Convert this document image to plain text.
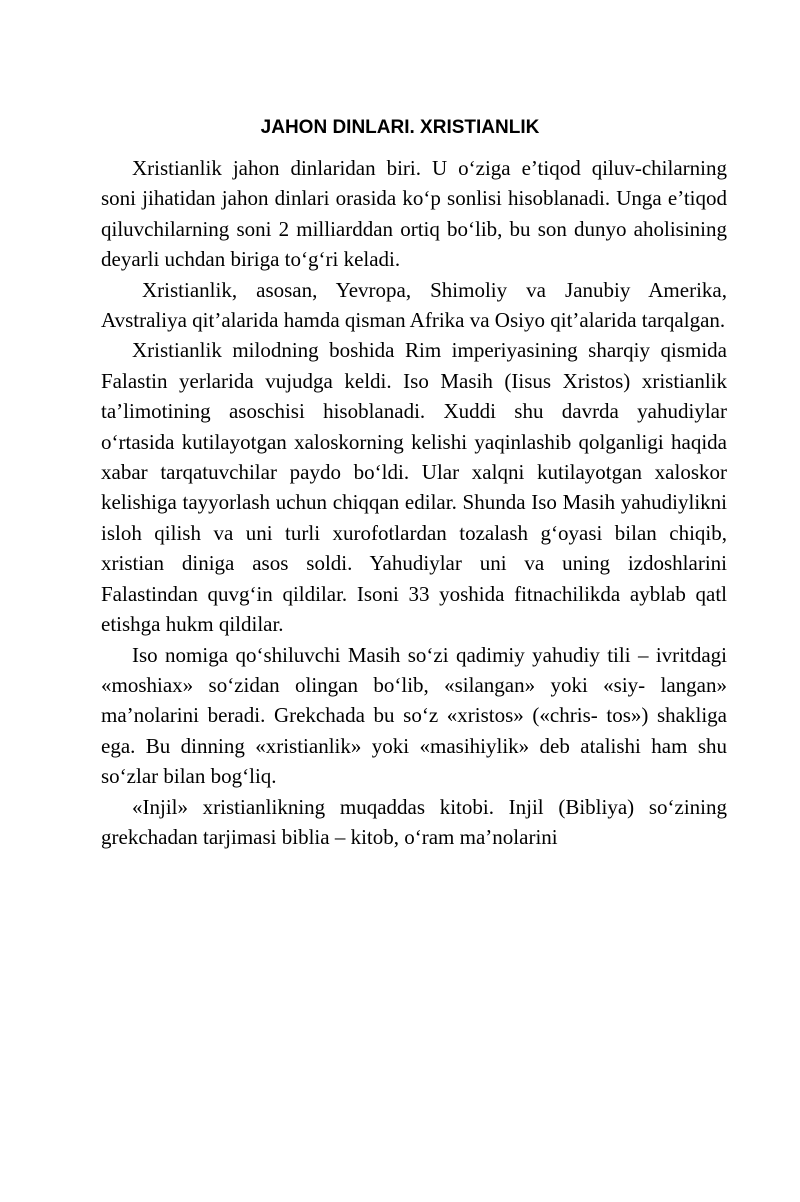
JAHON DINLARI. XRISTIANLIK

Xristianlik jahon dinlaridan biri. U o‘ziga e’tiqod qiluv-chilarning soni jihatidan jahon dinlari orasida ko‘p sonlisi hisoblanadi. Unga e’tiqod qiluvchilarning soni 2 milliarddan ortiq bo‘lib, bu son dunyo aholisining deyarli uchdan biriga to‘g‘ri keladi.

Xristianlik, asosan, Yevropa, Shimoliy va Janubiy Amerika, Avstraliya qit’alarida hamda qisman Afrika va Osiyo qit’alarida tarqalgan.

Xristianlik milodning boshida Rim imperiyasining sharqiy qismida Falastin yerlarida vujudga keldi. Iso Masih (Iisus Xristos) xristianlik ta’limotining asoschisi hisoblanadi. Xuddi shu davrda yahudiylar o‘rtasida kutilayotgan xaloskorning kelishi yaqinlashib qolganligi haqida xabar tarqatuvchilar paydo bo‘ldi. Ular xalqni kutilayotgan xaloskor kelishiga tayyorlash uchun chiqqan edilar. Shunda Iso Masih yahudiylikni isloh qilish va uni turli xurofotlardan tozalash g‘oyasi bilan chiqib, xristian diniga asos soldi. Yahudiylar uni va uning izdoshlarini Falastindan quvg‘in qildilar. Isoni 33 yoshida fitnachilikda ayblab qatl etishga hukm qildilar.

Iso nomiga qo‘shiluvchi Masih so‘zi qadimiy yahudiy tili – ivritdagi «moshiax» so‘zidan olingan bo‘lib, «silangan» yoki «siy- langan» ma’nolarini beradi. Grekchada bu so‘z «xristos» («chris- tos») shakliga ega. Bu dinning «xristianlik» yoki «masihiylik» deb atalishi ham shu so‘zlar bilan bog‘liq.

«Injil» xristianlikning muqaddas kitobi. Injil (Bibliya) so‘zining grekchadan tarjimasi biblia – kitob, o‘ram ma’nolarini
